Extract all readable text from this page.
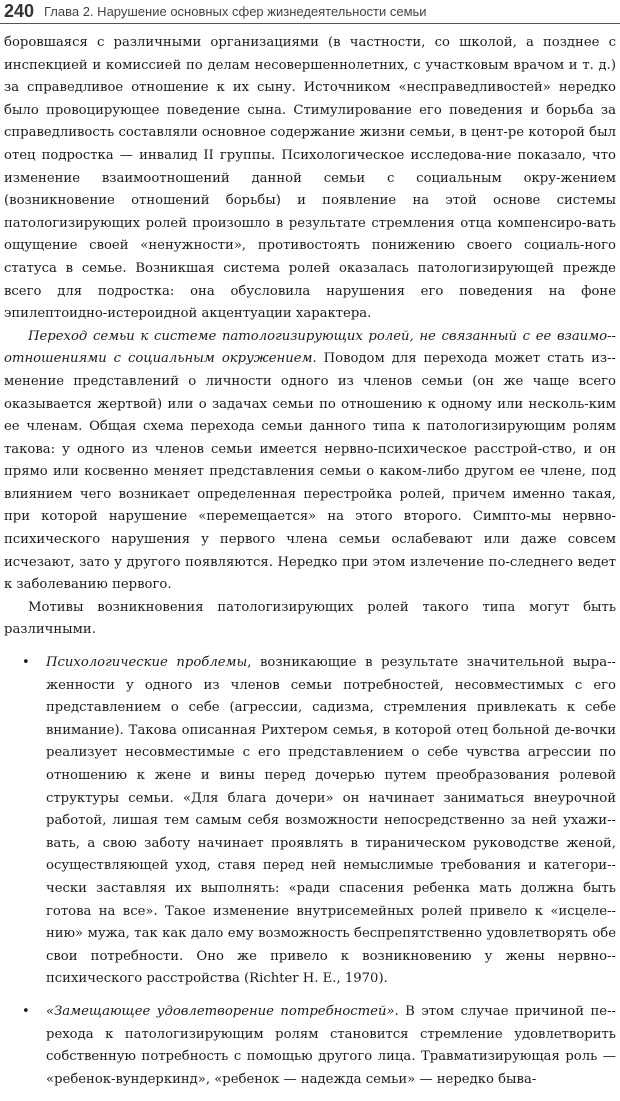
240 Глава 2. Нарушение основных сфер жизнедеятельности семьи

боровшаяся с различными организациями (в частности, со школой, а позднее с инспекцией и комиссией по делам несовершеннолетних, с участковым врачом и т. д.) за справедливое отношение к их сыну. Источником «несправедливостей» нередко было провоцирующее поведение сына. Стимулирование его поведения и борьба за справедливость составляли основное содержание жизни семьи, в цент-ре которой был отец подростка — инвалид II группы. Психологическое исследова-ние показало, что изменение взаимоотношений данной семьи с социальным окру-жением (возникновение отношений борьбы) и появление на этой основе системы патологизирующих ролей произошло в результате стремления отца компенсиро-вать ощущение своей «ненужности», противостоять понижению своего социаль-ного статуса в семье. Возникшая система ролей оказалась патологизирующей прежде всего для подростка: она обусловила нарушения его поведения на фоне эпилептоидно-истероидной акцентуации характера.

Переход семьи к системе патологизирующих ролей, не связанный с ее взаимо-отношениями с социальным окружением. Поводом для перехода может стать из-менение представлений о личности одного из членов семьи (он же чаще всего оказывается жертвой) или о задачах семьи по отношению к одному или несколь-ким ее членам. Общая схема перехода семьи данного типа к патологизирующим ролям такова: у одного из членов семьи имеется нервно-психическое расстрой-ство, и он прямо или косвенно меняет представления семьи о каком-либо другом ее члене, под влиянием чего возникает определенная перестройка ролей, причем именно такая, при которой нарушение «перемещается» на этого второго. Симпто-мы нервно-психического нарушения у первого члена семьи ослабевают или даже совсем исчезают, зато у другого появляются. Нередко при этом излечение по-следнего ведет к заболеванию первого.

Мотивы возникновения патологизирующих ролей такого типа могут быть различными.

• Психологические проблемы, возникающие в результате значительной выра-женности у одного из членов семьи потребностей, несовместимых с его представлением о себе (агрессии, садизма, стремления привлекать к себе внимание). Такова описанная Рихтером семья, в которой отец больной де-вочки реализует несовместимые с его представлением о себе чувства агрессии по отношению к жене и вины перед дочерью путем преобразования ролевой структуры семьи. «Для блага дочери» он начинает заниматься внеурочной работой, лишая тем самым себя возможности непосредственно за ней ухажи-вать, а свою заботу начинает проявлять в тираническом руководстве женой, осуществляющей уход, ставя перед ней немыслимые требования и категори-чески заставляя их выполнять: «ради спасения ребенка мать должна быть готова на все». Такое изменение внутрисемейных ролей привело к «исцеле-нию» мужа, так как дало ему возможность беспрепятственно удовлетворять обе свои потребности. Оно же привело к возникновению у жены нервно-психического расстройства (Richter H. E., 1970).
• «Замещающее удовлетворение потребностей». В этом случае причиной пе-рехода к патологизирующим ролям становится стремление удовлетворить собственную потребность с помощью другого лица. Травматизирующая роль — «ребенок-вундеркинд», «ребенок — надежда семьи» — нередко быва-
